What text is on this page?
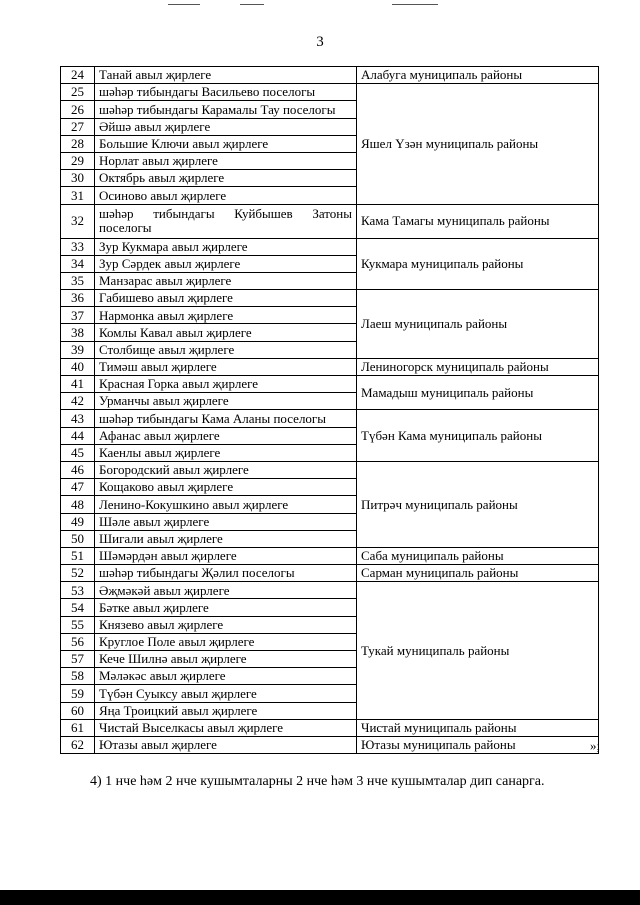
3
24	Танай авыл җирлеге	Алабуга муниципаль районы
25	шәһәр тибындагы Васильево поселогы	Яшел Үзән муниципаль районы
26	шәһәр тибындагы Карамалы Тау поселогы	
27	Әйшә авыл җирлеге	
28	Большие Ключи авыл җирлеге	
29	Норлат авыл җирлеге	
30	Октябрь авыл җирлеге	
31	Осиново авыл җирлеге	
32	шәһәр тибындагы Куйбышев Затоны поселогы	Кама Тамагы муниципаль районы
33	Зур Кукмара авыл җирлеге	Кукмара муниципаль районы
34	Зур Сәрдек авыл җирлеге	
35	Манзарас авыл җирлеге	
36	Габишево авыл җирлеге	Лаеш муниципаль районы
37	Нармонка авыл җирлеге	
38	Комлы Кавал авыл җирлеге	
39	Столбище авыл җирлеге	
40	Тимәш авыл җирлеге	Лениногорск муниципаль районы
41	Красная Горка авыл җирлеге	Мамадыш муниципаль районы
42	Урманчы авыл җирлеге	
43	шәһәр тибындагы Кама Аланы поселогы	Түбән Кама муниципаль районы
44	Афанас авыл җирлеге	
45	Каенлы авыл җирлеге	
46	Богородский авыл җирлеге	Питрәч муниципаль районы
47	Кощаково авыл җирлеге	
48	Ленино-Кокушкино авыл җирлеге	
49	Шәле авыл җирлеге	
50	Шигали авыл җирлеге	
51	Шәмәрдән авыл җирлеге	Саба муниципаль районы
52	шәһәр тибындагы Җәлил поселогы	Сарман муниципаль районы
53	Әҗмәкәй авыл җирлеге	Тукай муниципаль районы
54	Бәтке авыл җирлеге	
55	Князево авыл җирлеге	
56	Круглое Поле авыл җирлеге	
57	Кече Шилнә авыл җирлеге	
58	Мәләкәс авыл җирлеге	
59	Түбән Суыксу авыл җирлеге	
60	Яңа Троицкий авыл җирлеге	
61	Чистай Выселкасы авыл җирлеге	Чистай муниципаль районы
62	Ютазы авыл җирлеге	Ютазы муниципаль районы	»;
4) 1 нче һәм 2 нче кушымталарны 2 нче һәм 3 нче кушымталар дип санарга.
